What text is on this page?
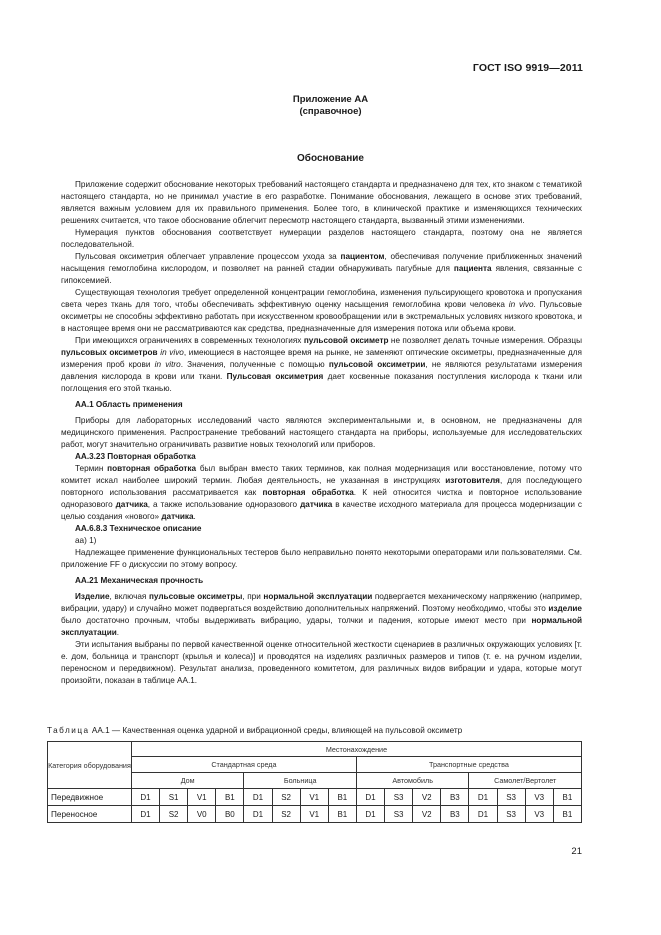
ГОСТ ISO 9919—2011
Приложение АА
(справочное)
Обоснование

Приложение содержит обоснование некоторых требований настоящего стандарта и предназначено для тех, кто знаком с тематикой настоящего стандарта, но не принимал участие в его разработке. Понимание обоснования, лежащего в основе этих требований, является важным условием для их правильного применения. Более того, в клинической практике и изменяющихся технических решениях считается, что такое обоснование облегчит пересмотр настоящего стандарта, вызванный этими изменениями.

Нумерация пунктов обоснования соответствует нумерации разделов настоящего стандарта, поэтому она не является последовательной.

Пульсовая оксиметрия облегчает управление процессом ухода за пациентом, обеспечивая получение приближенных значений насыщения гемоглобина кислородом, и позволяет на ранней стадии обнаруживать пагубные для пациента явления, связанные с гипоксемией.

Существующая технология требует определенной концентрации гемоглобина, изменения пульсирующего кровотока и пропускания света через ткань для того, чтобы обеспечивать эффективную оценку насыщения гемоглобина крови человека in vivo. Пульсовые оксиметры не способны эффективно работать при искусственном кровообращении или в экстремальных условиях низкого кровотока, и в настоящее время они не рассматриваются как средства, предназначенные для измерения потока или объема крови.

При имеющихся ограничениях в современных технологиях пульсовой оксиметр не позволяет делать точные измерения. Образцы пульсовых оксиметров in vivo, имеющиеся в настоящее время на рынке, не заменяют оптические оксиметры, предназначенные для измерения проб крови in vitro. Значения, полученные с помощью пульсовой оксиметрии, не являются результатами измерения давления кислорода в крови или ткани. Пульсовая оксиметрия дает косвенные показания поступления кислорода к ткани или поглощения его этой тканью.

АА.1 Область применения

Приборы для лабораторных исследований часто являются экспериментальными и, в основном, не предназначены для медицинского применения. Распространение требований настоящего стандарта на приборы, используемые для исследовательских работ, могут значительно ограничивать развитие новых технологий или приборов.

АА.3.23 Повторная обработка

Термин повторная обработка был выбран вместо таких терминов, как полная модернизация или восстановление, потому что комитет искал наиболее широкий термин. Любая деятельность, не указанная в инструкциях изготовителя, для последующего повторного использования рассматривается как повторная обработка. К ней относится чистка и повторное использование одноразового датчика, а также использование одноразового датчика в качестве исходного материала для процесса модернизации с целью создания «нового» датчика.

АА.6.8.3 Техническое описание

аа) 1)

Надлежащее применение функциональных тестеров было неправильно понято некоторыми операторами или пользователями. См. приложение FF о дискуссии по этому вопросу.

АА.21 Механическая прочность

Изделие, включая пульсовые оксиметры, при нормальной эксплуатации подвергается механическому напряжению (например, вибрации, удару) и случайно может подвергаться воздействию дополнительных напряжений. Поэтому необходимо, чтобы это изделие было достаточно прочным, чтобы выдерживать вибрацию, удары, толчки и падения, которые имеют место при нормальной эксплуатации.

Эти испытания выбраны по первой качественной оценке относительной жесткости сценариев в различных окружающих условиях [т. е. дом, больница и транспорт (крылья и колеса)] и проводятся на изделиях различных размеров и типов (т. е. на ручном изделии, переносном и передвижном). Результат анализа, проведенного комитетом, для различных видов вибрации и удара, которые могут произойти, показан в таблице АА.1.

Таблица АА.1 — Качественная оценка ударной и вибрационной среды, влияющей на пульсовой оксиметр
Категория оборудования	Местонахождение															
	Стандартная среда								Транспортные средства							
	Дом				Больница				Автомобиль				Самолет/Вертолет			
Передвижное	D1	S1	V1	B1	D1	S2	V1	B1	D1	S3	V2	B3	D1	S3	V3	B1
Переносное	D1	S2	V0	B0	D1	S2	V1	B1	D1	S3	V2	B3	D1	S3	V3	B1
21
